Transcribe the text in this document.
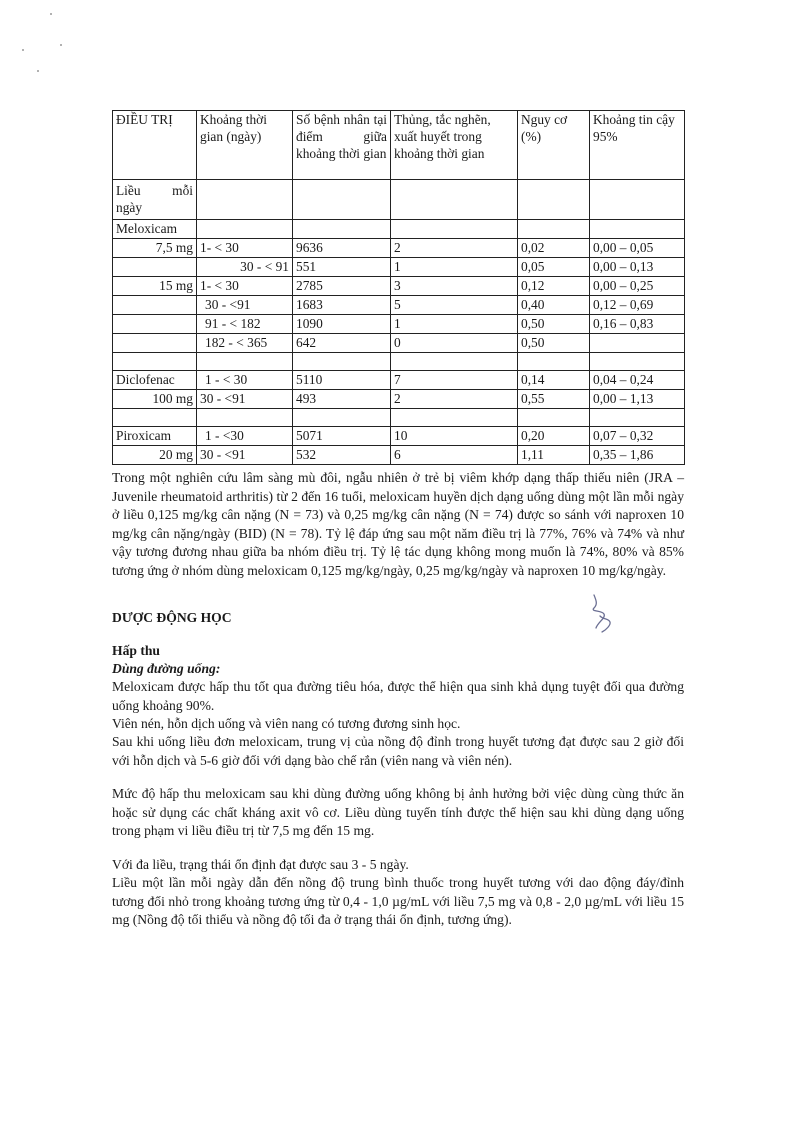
ĐIỀU TRỊ	Khoảng thời gian (ngày)	Số bệnh nhân tại điểm giữa khoảng thời gian	Thủng, tắc nghẽn, xuất huyết trong khoảng thời gian	Nguy cơ (%)	Khoảng tin cậy 95%
Liều mỗi ngày					
Meloxicam					
7,5 mg	1- < 30	9636	2	0,02	0,00 – 0,05
	30 - < 91	551	1	0,05	0,00 – 0,13
15 mg	1- < 30	2785	3	0,12	0,00 – 0,25
	30 - <91	1683	5	0,40	0,12 – 0,69
	91 - < 182	1090	1	0,50	0,16 – 0,83
	182 - < 365	642	0	0,50	

Diclofenac	1 - < 30	5110	7	0,14	0,04 – 0,24
100 mg	30 - <91	493	2	0,55	0,00 – 1,13

Piroxicam	1 - <30	5071	10	0,20	0,07 – 0,32
20 mg	30 - <91	532	6	1,11	0,35 – 1,86

Trong một nghiên cứu lâm sàng mù đôi, ngẫu nhiên ở trẻ bị viêm khớp dạng thấp thiếu niên (JRA – Juvenile rheumatoid arthritis) từ 2 đến 16 tuổi, meloxicam huyền dịch dạng uống dùng một lần mỗi ngày ở liều 0,125 mg/kg cân nặng (N = 73) và 0,25 mg/kg cân nặng (N = 74) được so sánh với naproxen 10 mg/kg cân nặng/ngày (BID) (N = 78). Tỷ lệ đáp ứng sau một năm điều trị là 77%, 76% và 74% và như vậy tương đương nhau giữa ba nhóm điều trị. Tỷ lệ tác dụng không mong muốn là 74%, 80% và 85% tương ứng ở nhóm dùng meloxicam 0,125 mg/kg/ngày, 0,25 mg/kg/ngày và naproxen 10 mg/kg/ngày.

DƯỢC ĐỘNG HỌC

Hấp thu

Dùng đường uống:

Meloxicam được hấp thu tốt qua đường tiêu hóa, được thể hiện qua sinh khả dụng tuyệt đối qua đường uống khoảng 90%.

Viên nén, hỗn dịch uống và viên nang có tương đương sinh học.

Sau khi uống liều đơn meloxicam, trung vị của nồng độ đỉnh trong huyết tương đạt được sau 2 giờ đối với hỗn dịch và 5-6 giờ đối với dạng bào chế rắn (viên nang và viên nén).

Mức độ hấp thu meloxicam sau khi dùng đường uống không bị ảnh hưởng bởi việc dùng cùng thức ăn hoặc sử dụng các chất kháng axit vô cơ. Liều dùng tuyến tính được thể hiện sau khi dùng dạng uống trong phạm vi liều điều trị từ 7,5 mg đến 15 mg.

Với đa liều, trạng thái ổn định đạt được sau 3 - 5 ngày.

Liều một lần mỗi ngày dẫn đến nồng độ trung bình thuốc trong huyết tương với dao động đáy/đỉnh tương đối nhỏ trong khoảng tương ứng từ 0,4 - 1,0 µg/mL với liều 7,5 mg và 0,8 - 2,0 µg/mL với liều 15 mg (Nồng độ tối thiểu và nồng độ tối đa ở trạng thái ổn định, tương ứng).
